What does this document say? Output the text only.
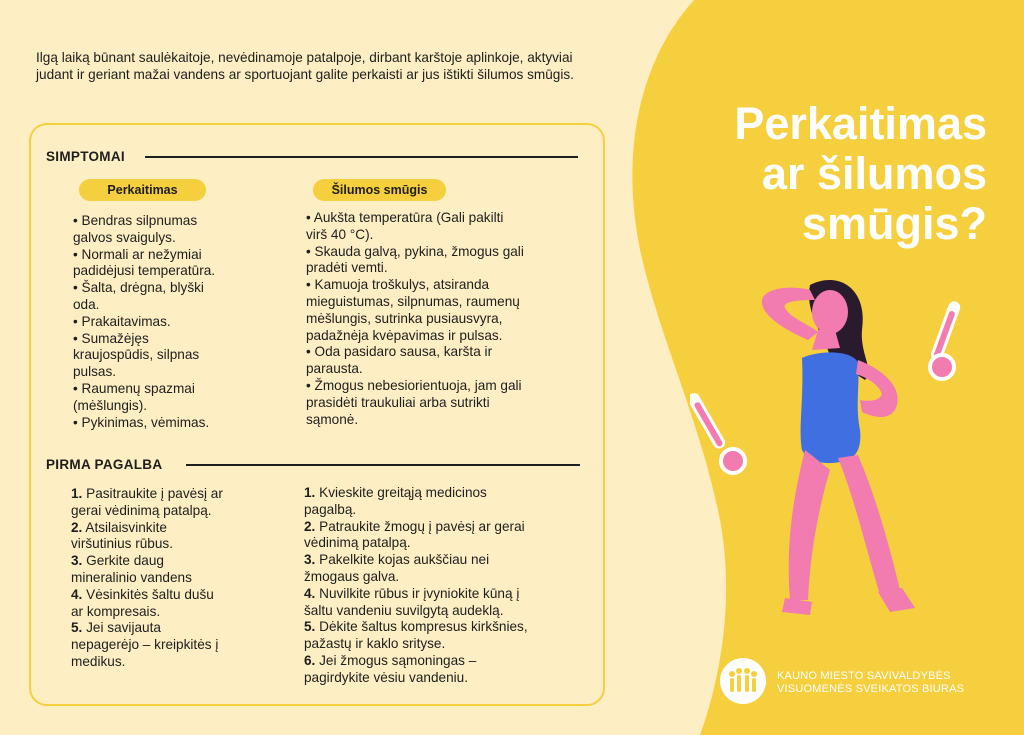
Ilgą laiką būnant saulėkaitoje, nevėdinamoje patalpoje, dirbant karštoje aplinkoje, aktyviai judant ir geriant mažai vandens ar sportuojant galite perkaisti ar jus ištikti šilumos smūgis.
Perkaitimas
ar šilumos
smūgis?
SIMPTOMAI
Perkaitimas	Šilumos smūgis
• Bendras silpnumas
galvos svaigulys.
• Normali ar nežymiai
padidėjusi temperatūra.
• Šalta, drėgna, blyški
oda.
• Prakaitavimas.
• Sumažėjęs
kraujospūdis, silpnas
pulsas.
• Raumenų spazmai
(mėšlungis).
• Pykinimas, vėmimas.
• Aukšta temperatūra (Gali pakilti
virš 40 °C).
• Skauda galvą, pykina, žmogus gali
pradėti vemti.
• Kamuoja troškulys, atsiranda
mieguistumas, silpnumas, raumenų
mėšlungis, sutrinka pusiausvyra,
padažnėja kvėpavimas ir pulsas.
• Oda pasidaro sausa, karšta ir
parausta.
• Žmogus nebesiorientuoja, jam gali
prasidėti traukuliai arba sutrikti
sąmonė.
PIRMA PAGALBA
1. Pasitraukite į pavėsį ar
gerai vėdinimą patalpą.
2. Atsilaisvinkite
viršutinius rūbus.
3. Gerkite daug
mineralinio vandens
4. Vėsinkitės šaltu dušu
ar kompresais.
5. Jei savijauta
nepagerėjo – kreipkitės į
medikus.
1. Kvieskite greitąją medicinos
pagalbą.
2. Patraukite žmogų į pavėsį ar gerai
vėdinimą patalpą.
3. Pakelkite kojas aukščiau nei
žmogaus galva.
4. Nuvilkite rūbus ir įvyniokite kūną į
šaltu vandeniu suvilgytą audeklą.
5. Dėkite šaltus kompresus kirkšnies,
pažastų ir kaklo srityse.
6. Jei žmogus sąmoningas –
pagirdykite vėsiu vandeniu.	KAUNO MIESTO SAVIVALDYBĖS
VISUOMENĖS SVEIKATOS BIURAS
